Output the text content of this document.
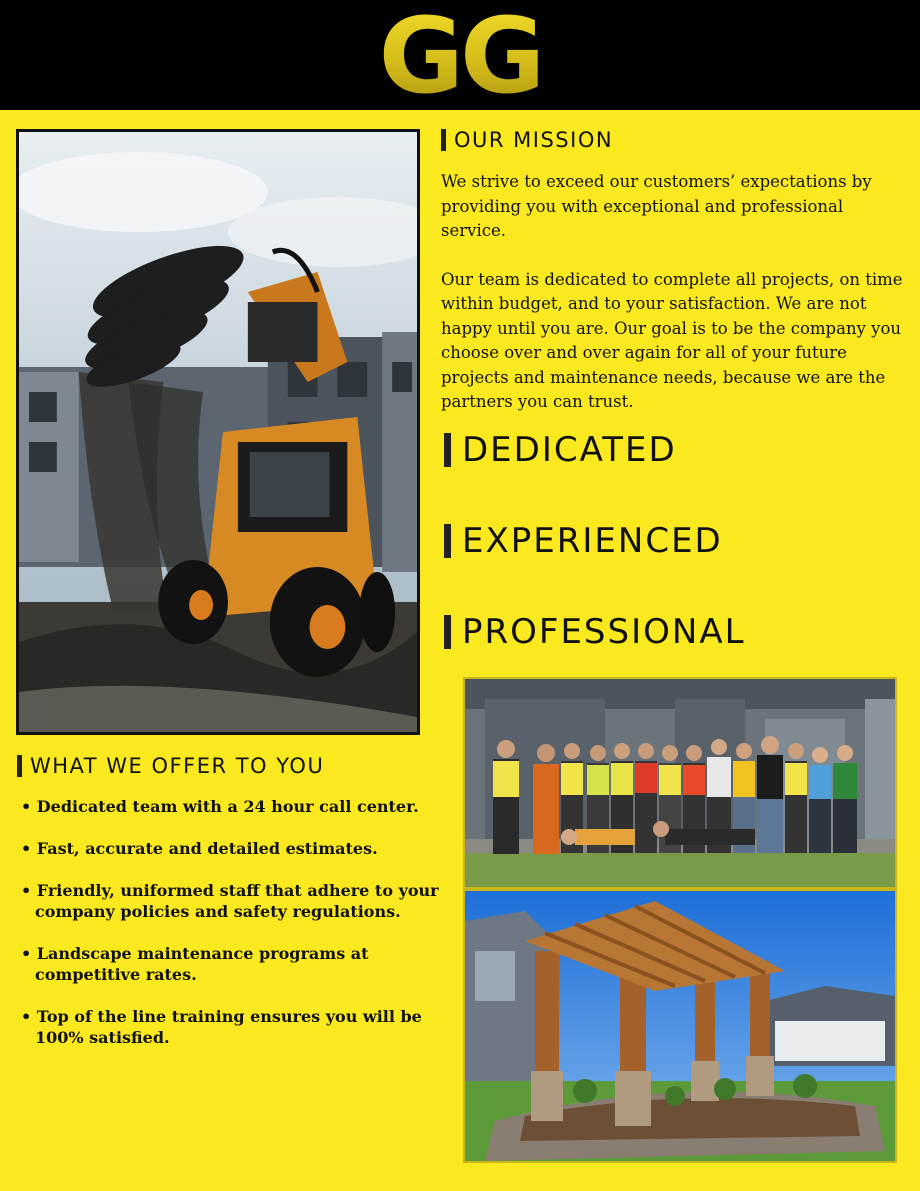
GG
OUR MISSION

We strive to exceed our customers’ expectations by providing you with exceptional and professional service.

Our team is dedicated to complete all projects, on time within budget, and to your satisfaction. We are not happy until you are. Our goal is to be the company you choose over and over again for all of your future projects and maintenance needs, because we are the partners you can trust.

DEDICATED
EXPERIENCED
PROFESSIONAL
WHAT WE OFFER TO YOU
• Dedicated team with a 24 hour call center.
• Fast, accurate and detailed estimates.
• Friendly, uniformed staff that adhere to your company policies and safety regulations.
• Landscape maintenance programs at competitive rates.
• Top of the line training ensures you will be 100% satisfied.
